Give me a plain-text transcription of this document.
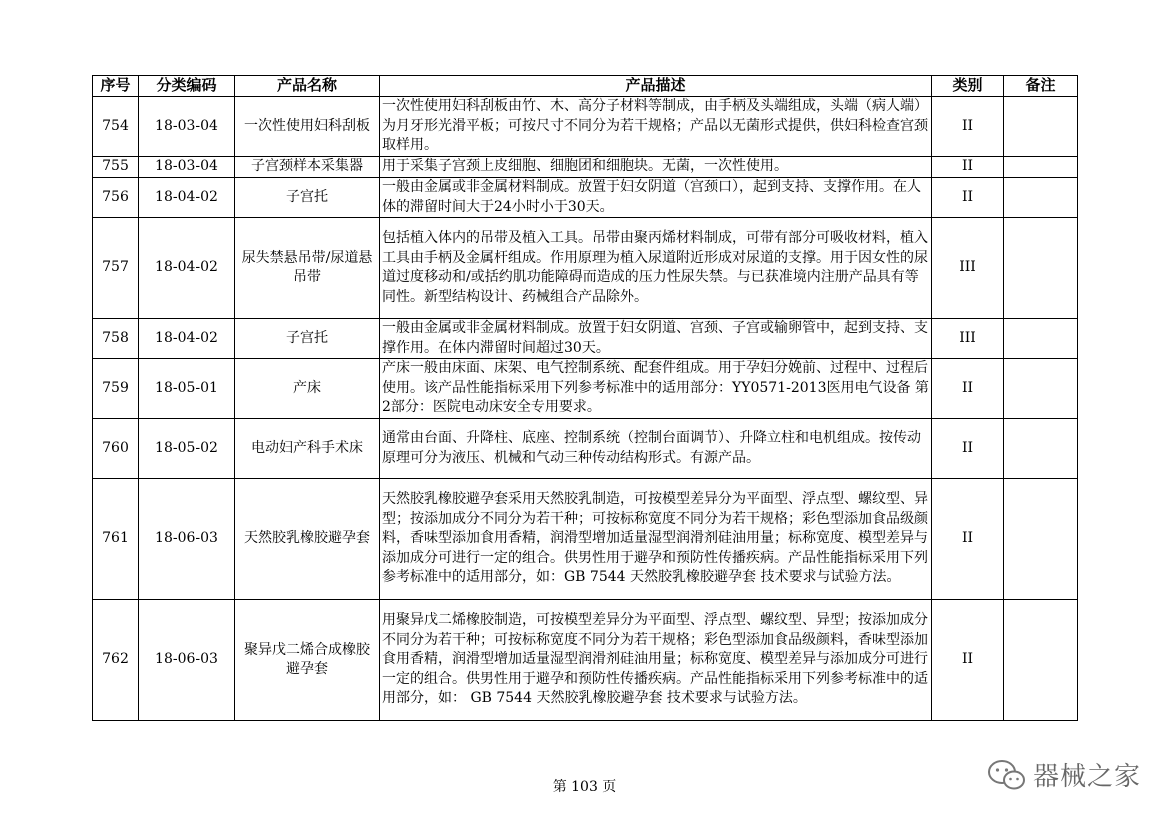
序号	分类编码	产品名称	产品描述	类别	备注
754	18-03-04	一次性使用妇科刮板	一次性使用妇科刮板由竹、木、高分子材料等制成，由手柄及头端组成，头端（病人端）为月牙形光滑平板；可按尺寸不同分为若干规格；产品以无菌形式提供，供妇科检查宫颈取样用。	II	
755	18-03-04	子宫颈样本采集器	用于采集子宫颈上皮细胞、细胞团和细胞块。无菌，一次性使用。	II	
756	18-04-02	子宫托	一般由金属或非金属材料制成。放置于妇女阴道（宫颈口），起到支持、支撑作用。在人体的滞留时间大于24小时小于30天。	II	
757	18-04-02	尿失禁悬吊带/尿道悬吊带	包括植入体内的吊带及植入工具。吊带由聚丙烯材料制成，可带有部分可吸收材料，植入工具由手柄及金属杆组成。作用原理为植入尿道附近形成对尿道的支撑。用于因女性的尿道过度移动和/或括约肌功能障碍而造成的压力性尿失禁。与已获准境内注册产品具有等同性。新型结构设计、药械组合产品除外。	III	
758	18-04-02	子宫托	一般由金属或非金属材料制成。放置于妇女阴道、宫颈、子宫或输卵管中，起到支持、支撑作用。在体内滞留时间超过30天。	III	
759	18-05-01	产床	产床一般由床面、床架、电气控制系统、配套件组成。用于孕妇分娩前、过程中、过程后使用。该产品性能指标采用下列参考标准中的适用部分：YY0571-2013医用电气设备 第2部分：医院电动床安全专用要求。	II	
760	18-05-02	电动妇产科手术床	通常由台面、升降柱、底座、控制系统（控制台面调节）、升降立柱和电机组成。按传动原理可分为液压、机械和气动三种传动结构形式。有源产品。	II	
761	18-06-03	天然胶乳橡胶避孕套	天然胶乳橡胶避孕套采用天然胶乳制造，可按模型差异分为平面型、浮点型、螺纹型、异型；按添加成分不同分为若干种；可按标称宽度不同分为若干规格；彩色型添加食品级颜料，香味型添加食用香精，润滑型增加适量湿型润滑剂硅油用量；标称宽度、模型差异与添加成分可进行一定的组合。供男性用于避孕和预防性传播疾病。产品性能指标采用下列参考标准中的适用部分，如：GB 7544 天然胶乳橡胶避孕套 技术要求与试验方法。	II	
762	18-06-03	聚异戊二烯合成橡胶避孕套	用聚异戊二烯橡胶制造，可按模型差异分为平面型、浮点型、螺纹型、异型；按添加成分不同分为若干种；可按标称宽度不同分为若干规格；彩色型添加食品级颜料，香味型添加食用香精，润滑型增加适量湿型润滑剂硅油用量；标称宽度、模型差异与添加成分可进行一定的组合。供男性用于避孕和预防性传播疾病。产品性能指标采用下列参考标准中的适用部分，如： GB 7544 天然胶乳橡胶避孕套 技术要求与试验方法。	II	
第 103 页	器械之家
